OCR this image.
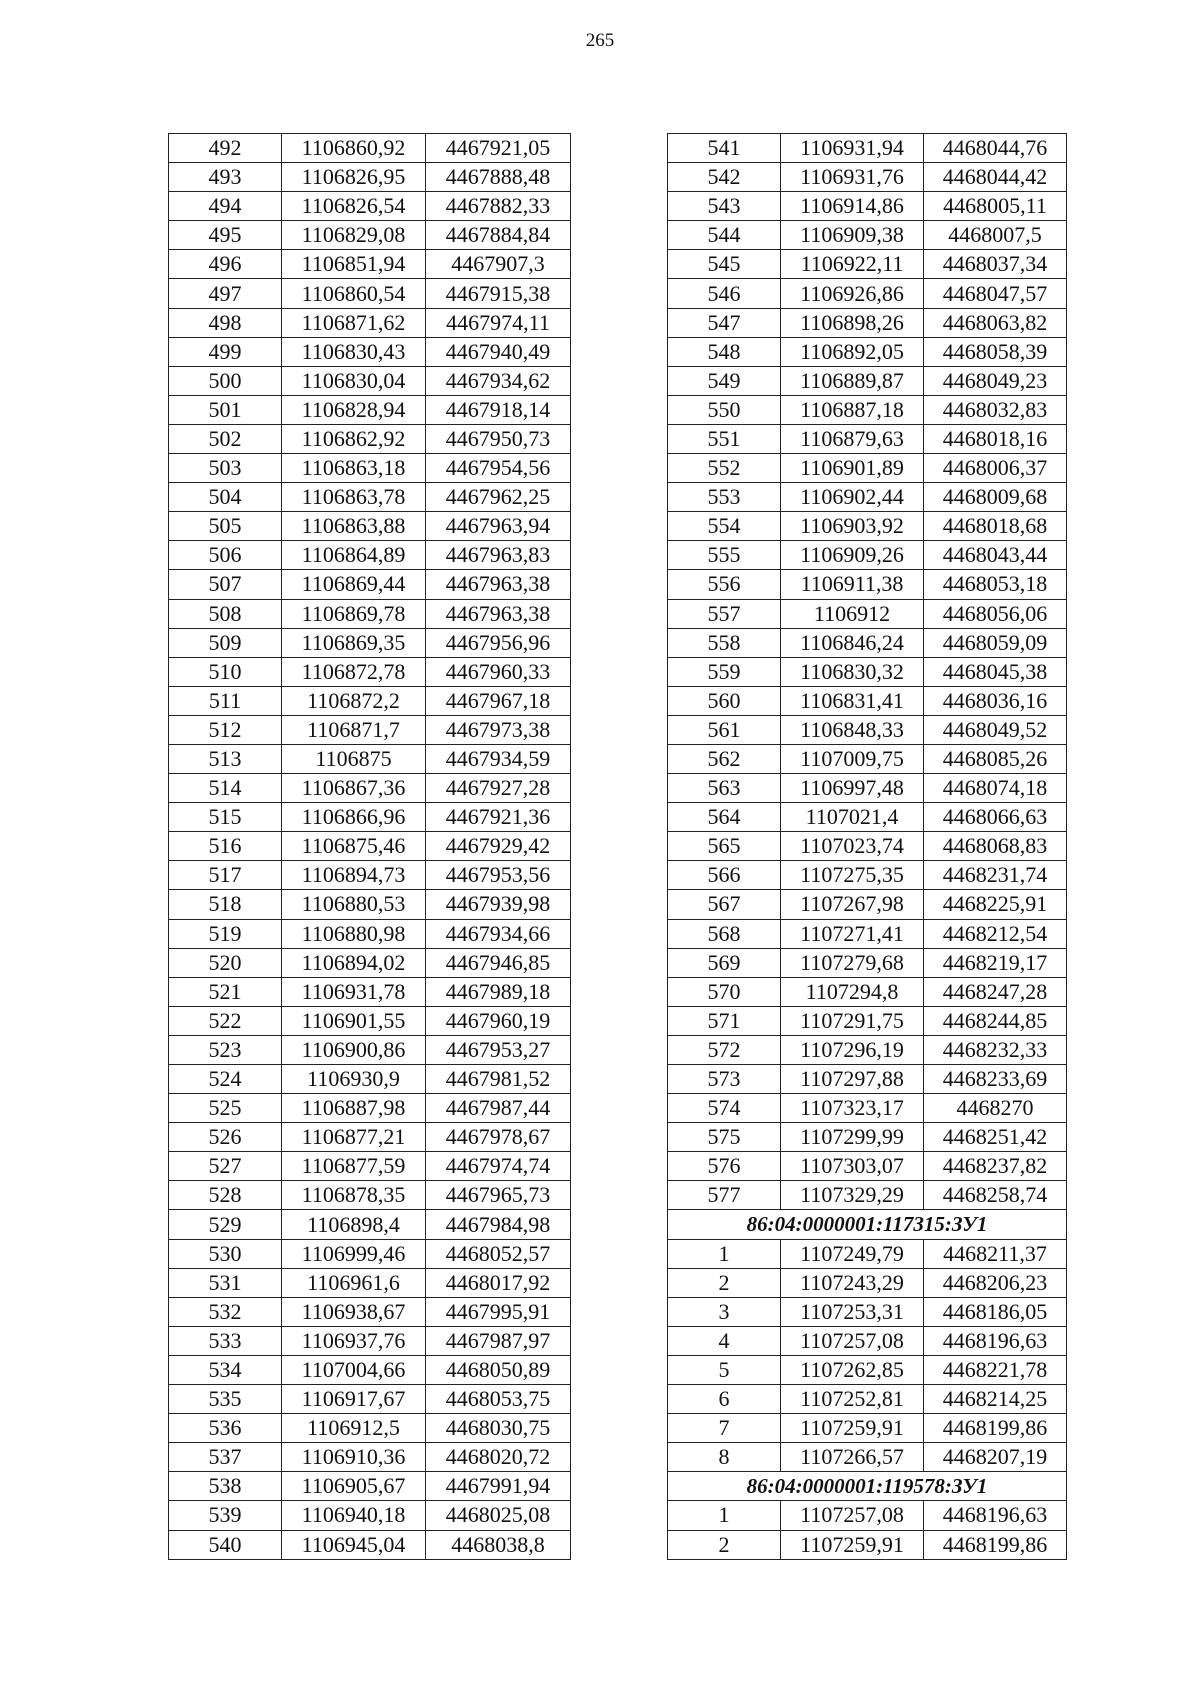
265
492	1106860,92	4467921,05
493	1106826,95	4467888,48
494	1106826,54	4467882,33
495	1106829,08	4467884,84
496	1106851,94	4467907,3
497	1106860,54	4467915,38
498	1106871,62	4467974,11
499	1106830,43	4467940,49
500	1106830,04	4467934,62
501	1106828,94	4467918,14
502	1106862,92	4467950,73
503	1106863,18	4467954,56
504	1106863,78	4467962,25
505	1106863,88	4467963,94
506	1106864,89	4467963,83
507	1106869,44	4467963,38
508	1106869,78	4467963,38
509	1106869,35	4467956,96
510	1106872,78	4467960,33
511	1106872,2	4467967,18
512	1106871,7	4467973,38
513	1106875	4467934,59
514	1106867,36	4467927,28
515	1106866,96	4467921,36
516	1106875,46	4467929,42
517	1106894,73	4467953,56
518	1106880,53	4467939,98
519	1106880,98	4467934,66
520	1106894,02	4467946,85
521	1106931,78	4467989,18
522	1106901,55	4467960,19
523	1106900,86	4467953,27
524	1106930,9	4467981,52
525	1106887,98	4467987,44
526	1106877,21	4467978,67
527	1106877,59	4467974,74
528	1106878,35	4467965,73
529	1106898,4	4467984,98
530	1106999,46	4468052,57
531	1106961,6	4468017,92
532	1106938,67	4467995,91
533	1106937,76	4467987,97
534	1107004,66	4468050,89
535	1106917,67	4468053,75
536	1106912,5	4468030,75
537	1106910,36	4468020,72
538	1106905,67	4467991,94
539	1106940,18	4468025,08
540	1106945,04	4468038,8
541	1106931,94	4468044,76
542	1106931,76	4468044,42
543	1106914,86	4468005,11
544	1106909,38	4468007,5
545	1106922,11	4468037,34
546	1106926,86	4468047,57
547	1106898,26	4468063,82
548	1106892,05	4468058,39
549	1106889,87	4468049,23
550	1106887,18	4468032,83
551	1106879,63	4468018,16
552	1106901,89	4468006,37
553	1106902,44	4468009,68
554	1106903,92	4468018,68
555	1106909,26	4468043,44
556	1106911,38	4468053,18
557	1106912	4468056,06
558	1106846,24	4468059,09
559	1106830,32	4468045,38
560	1106831,41	4468036,16
561	1106848,33	4468049,52
562	1107009,75	4468085,26
563	1106997,48	4468074,18
564	1107021,4	4468066,63
565	1107023,74	4468068,83
566	1107275,35	4468231,74
567	1107267,98	4468225,91
568	1107271,41	4468212,54
569	1107279,68	4468219,17
570	1107294,8	4468247,28
571	1107291,75	4468244,85
572	1107296,19	4468232,33
573	1107297,88	4468233,69
574	1107323,17	4468270
575	1107299,99	4468251,42
576	1107303,07	4468237,82
577	1107329,29	4468258,74
86:04:0000001:117315:ЗУ1		
1	1107249,79	4468211,37
2	1107243,29	4468206,23
3	1107253,31	4468186,05
4	1107257,08	4468196,63
5	1107262,85	4468221,78
6	1107252,81	4468214,25
7	1107259,91	4468199,86
8	1107266,57	4468207,19
86:04:0000001:119578:ЗУ1		
1	1107257,08	4468196,63
2	1107259,91	4468199,86
